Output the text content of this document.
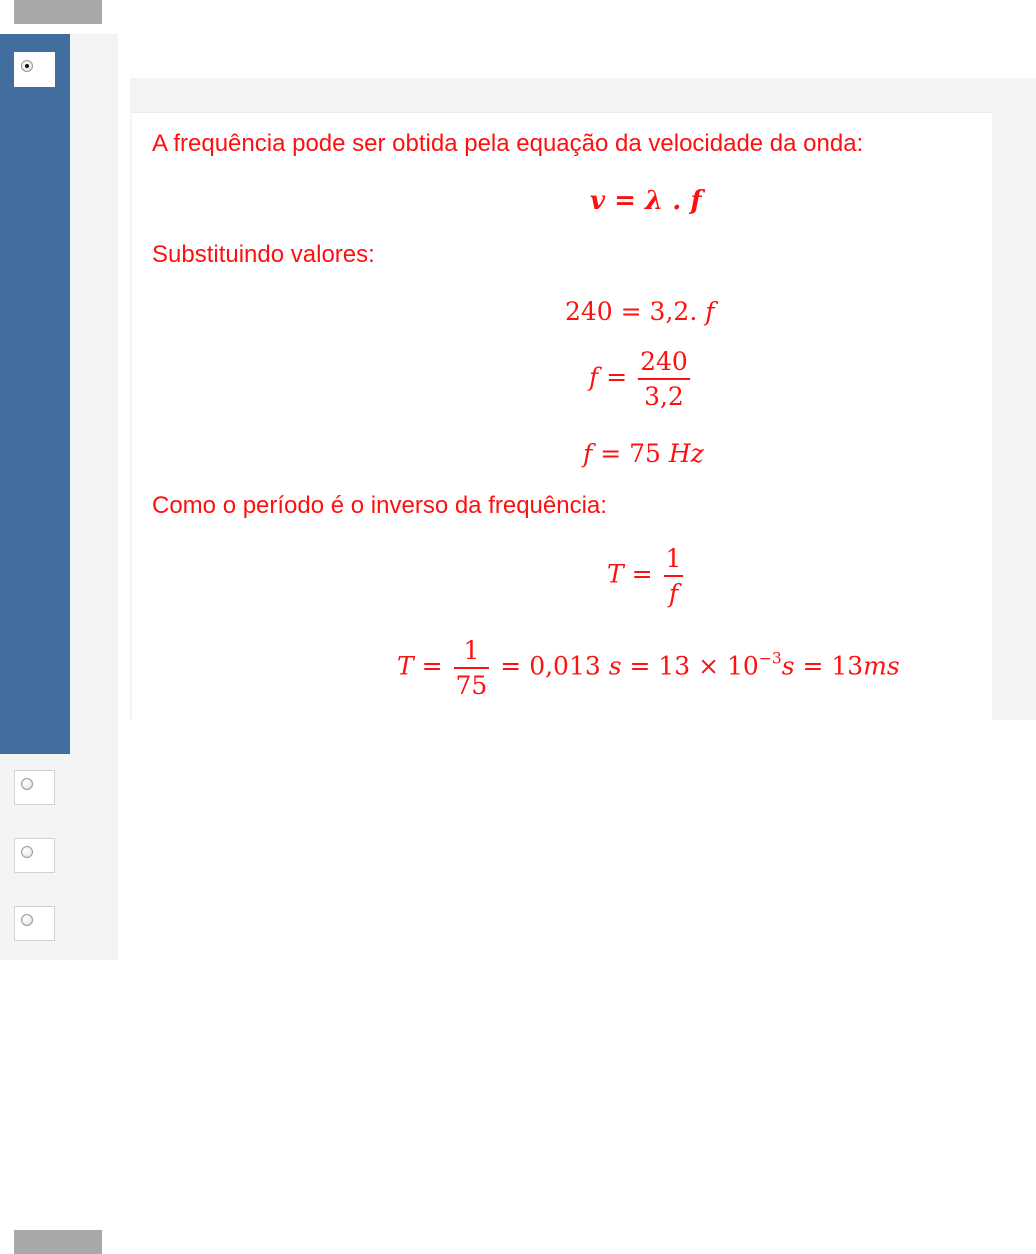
A frequência pode ser obtida pela equação da velocidade da onda:
𝒗 = 𝝀 . 𝒇
Substituindo valores:
240 = 3,2. 𝑓
𝑓 = $\frac{240}{3,2}$
𝑓 = 75 𝐻𝑧
Como o período é o inverso da frequência:
𝑇 = $\frac{1}{\text{𝑓}}$
𝑇 = $\frac{1}{75} = 0,013$ 𝑠 = $13 \times 10^{-3}𝑠$ = 13𝑚𝑠
